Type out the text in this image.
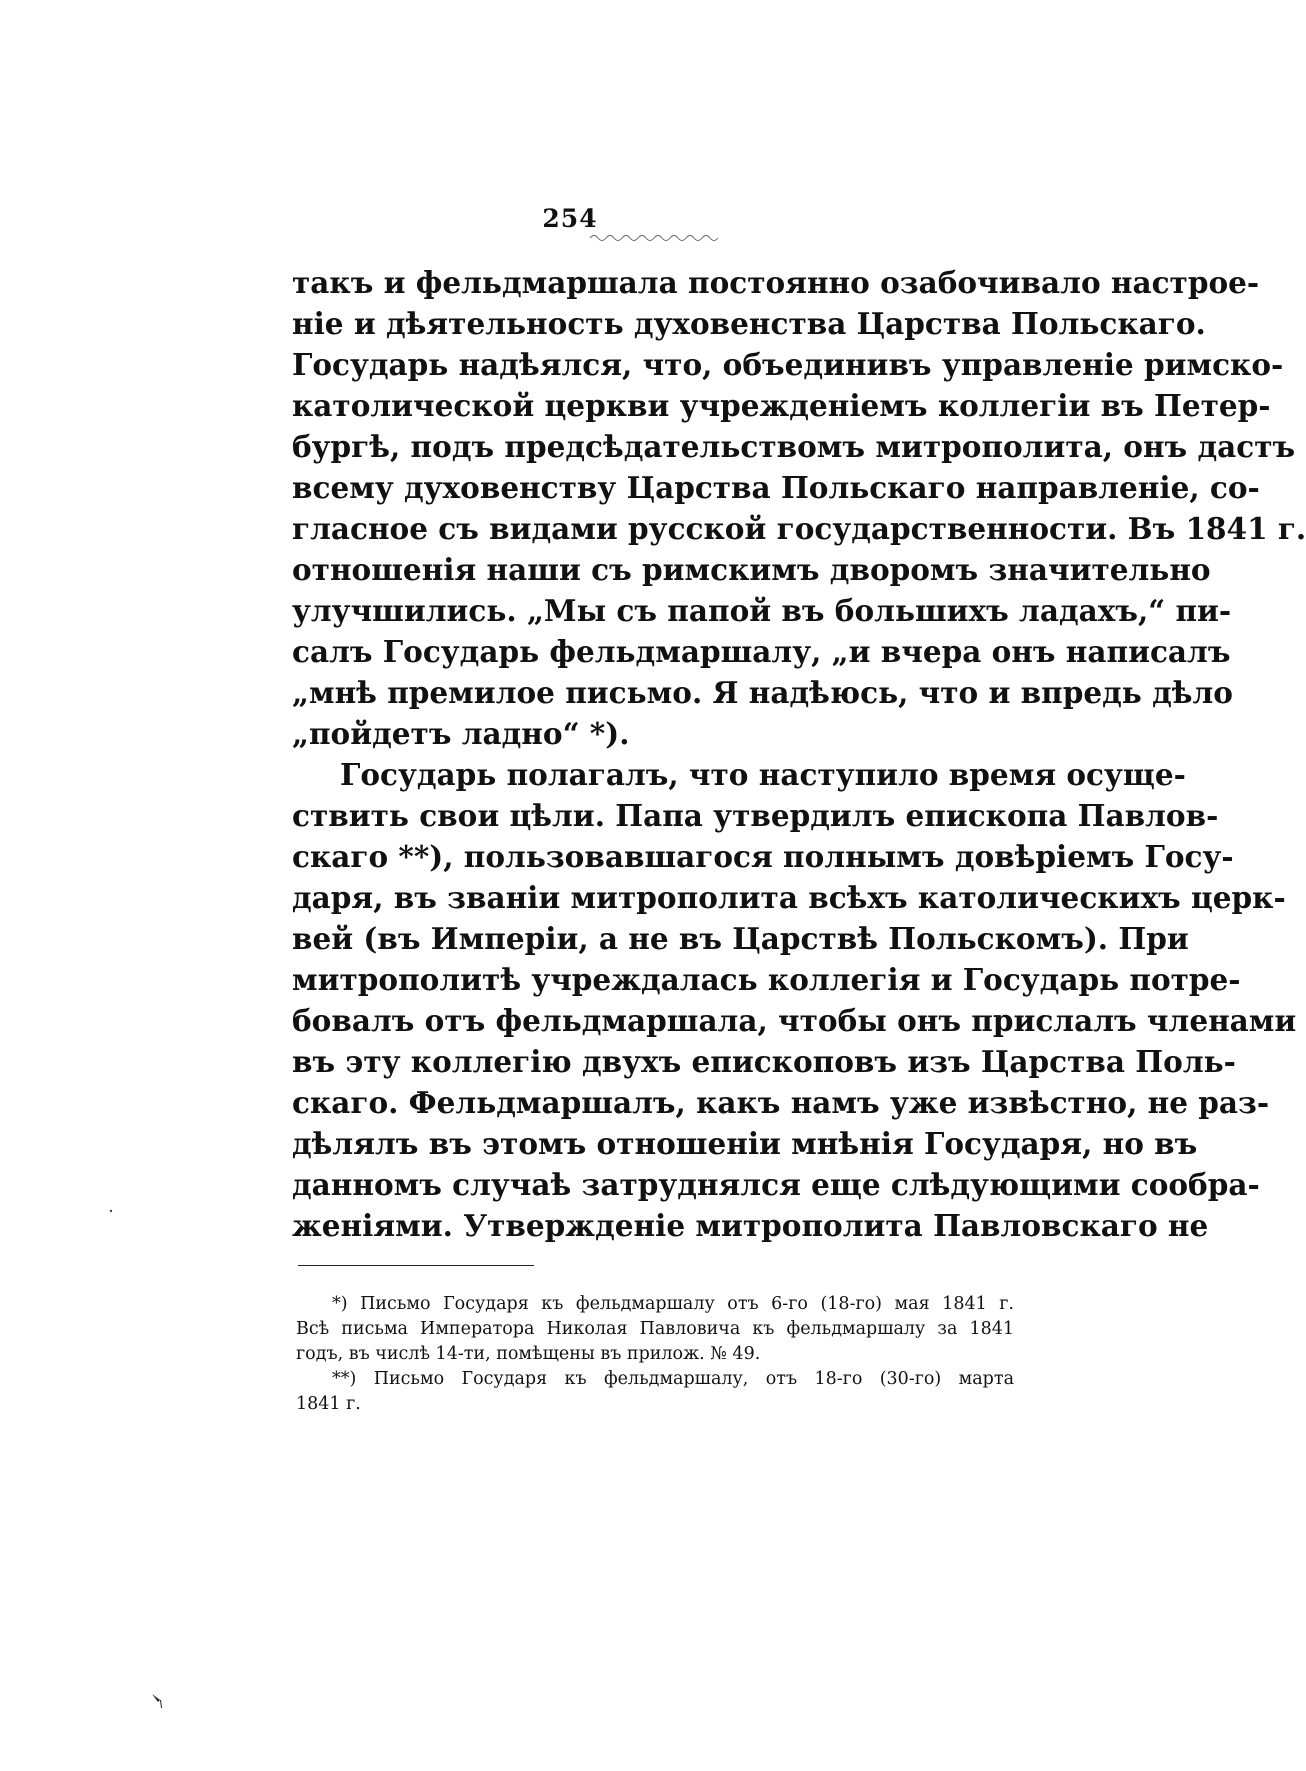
254
такъ и фельдмаршала постоянно озабочивало настрое-
ніе и дѣятельность духовенства Царства Польскаго.
Государь надѣялся, что, объединивъ управленіе римско-
католической церкви учрежденіемъ коллегіи въ Петер-
бургѣ, подъ предсѣдательствомъ митрополита, онъ дастъ
всему духовенству Царства Польскаго направленіе, со-
гласное съ видами русской государственности. Въ 1841 г.
отношенія наши съ римскимъ дворомъ значительно
улучшились. „Мы съ папой въ большихъ ладахъ,“ пи-
салъ Государь фельдмаршалу, „и вчера онъ написалъ
„мнѣ премилое письмо. Я надѣюсь, что и впредь дѣло
„пойдетъ ладно“ *).
Государь полагалъ, что наступило время осуще-
ствить свои цѣли. Папа утвердилъ епископа Павлов-
скаго **), пользовавшагося полнымъ довѣріемъ Госу-
даря, въ званіи митрополита всѣхъ католическихъ церк-
вей (въ Имперіи, а не въ Царствѣ Польскомъ). При
митрополитѣ учреждалась коллегія и Государь потре-
бовалъ отъ фельдмаршала, чтобы онъ прислалъ членами
въ эту коллегію двухъ епископовъ изъ Царства Поль-
скаго. Фельдмаршалъ, какъ намъ уже извѣстно, не раз-
дѣлялъ въ этомъ отношеніи мнѣнія Государя, но въ
данномъ случаѣ затруднялся еще слѣдующими сообра-
женіями. Утвержденіе митрополита Павловскаго не
*) Письмо Государя къ фельдмаршалу отъ 6-го (18-го) мая 1841 г.
Всѣ письма Императора Николая Павловича къ фельдмаршалу за 1841
годъ, въ числѣ 14-ти, помѣщены въ прилож. № 49.
**) Письмо Государя къ фельдмаршалу, отъ 18-го (30-го) марта
1841 г.
